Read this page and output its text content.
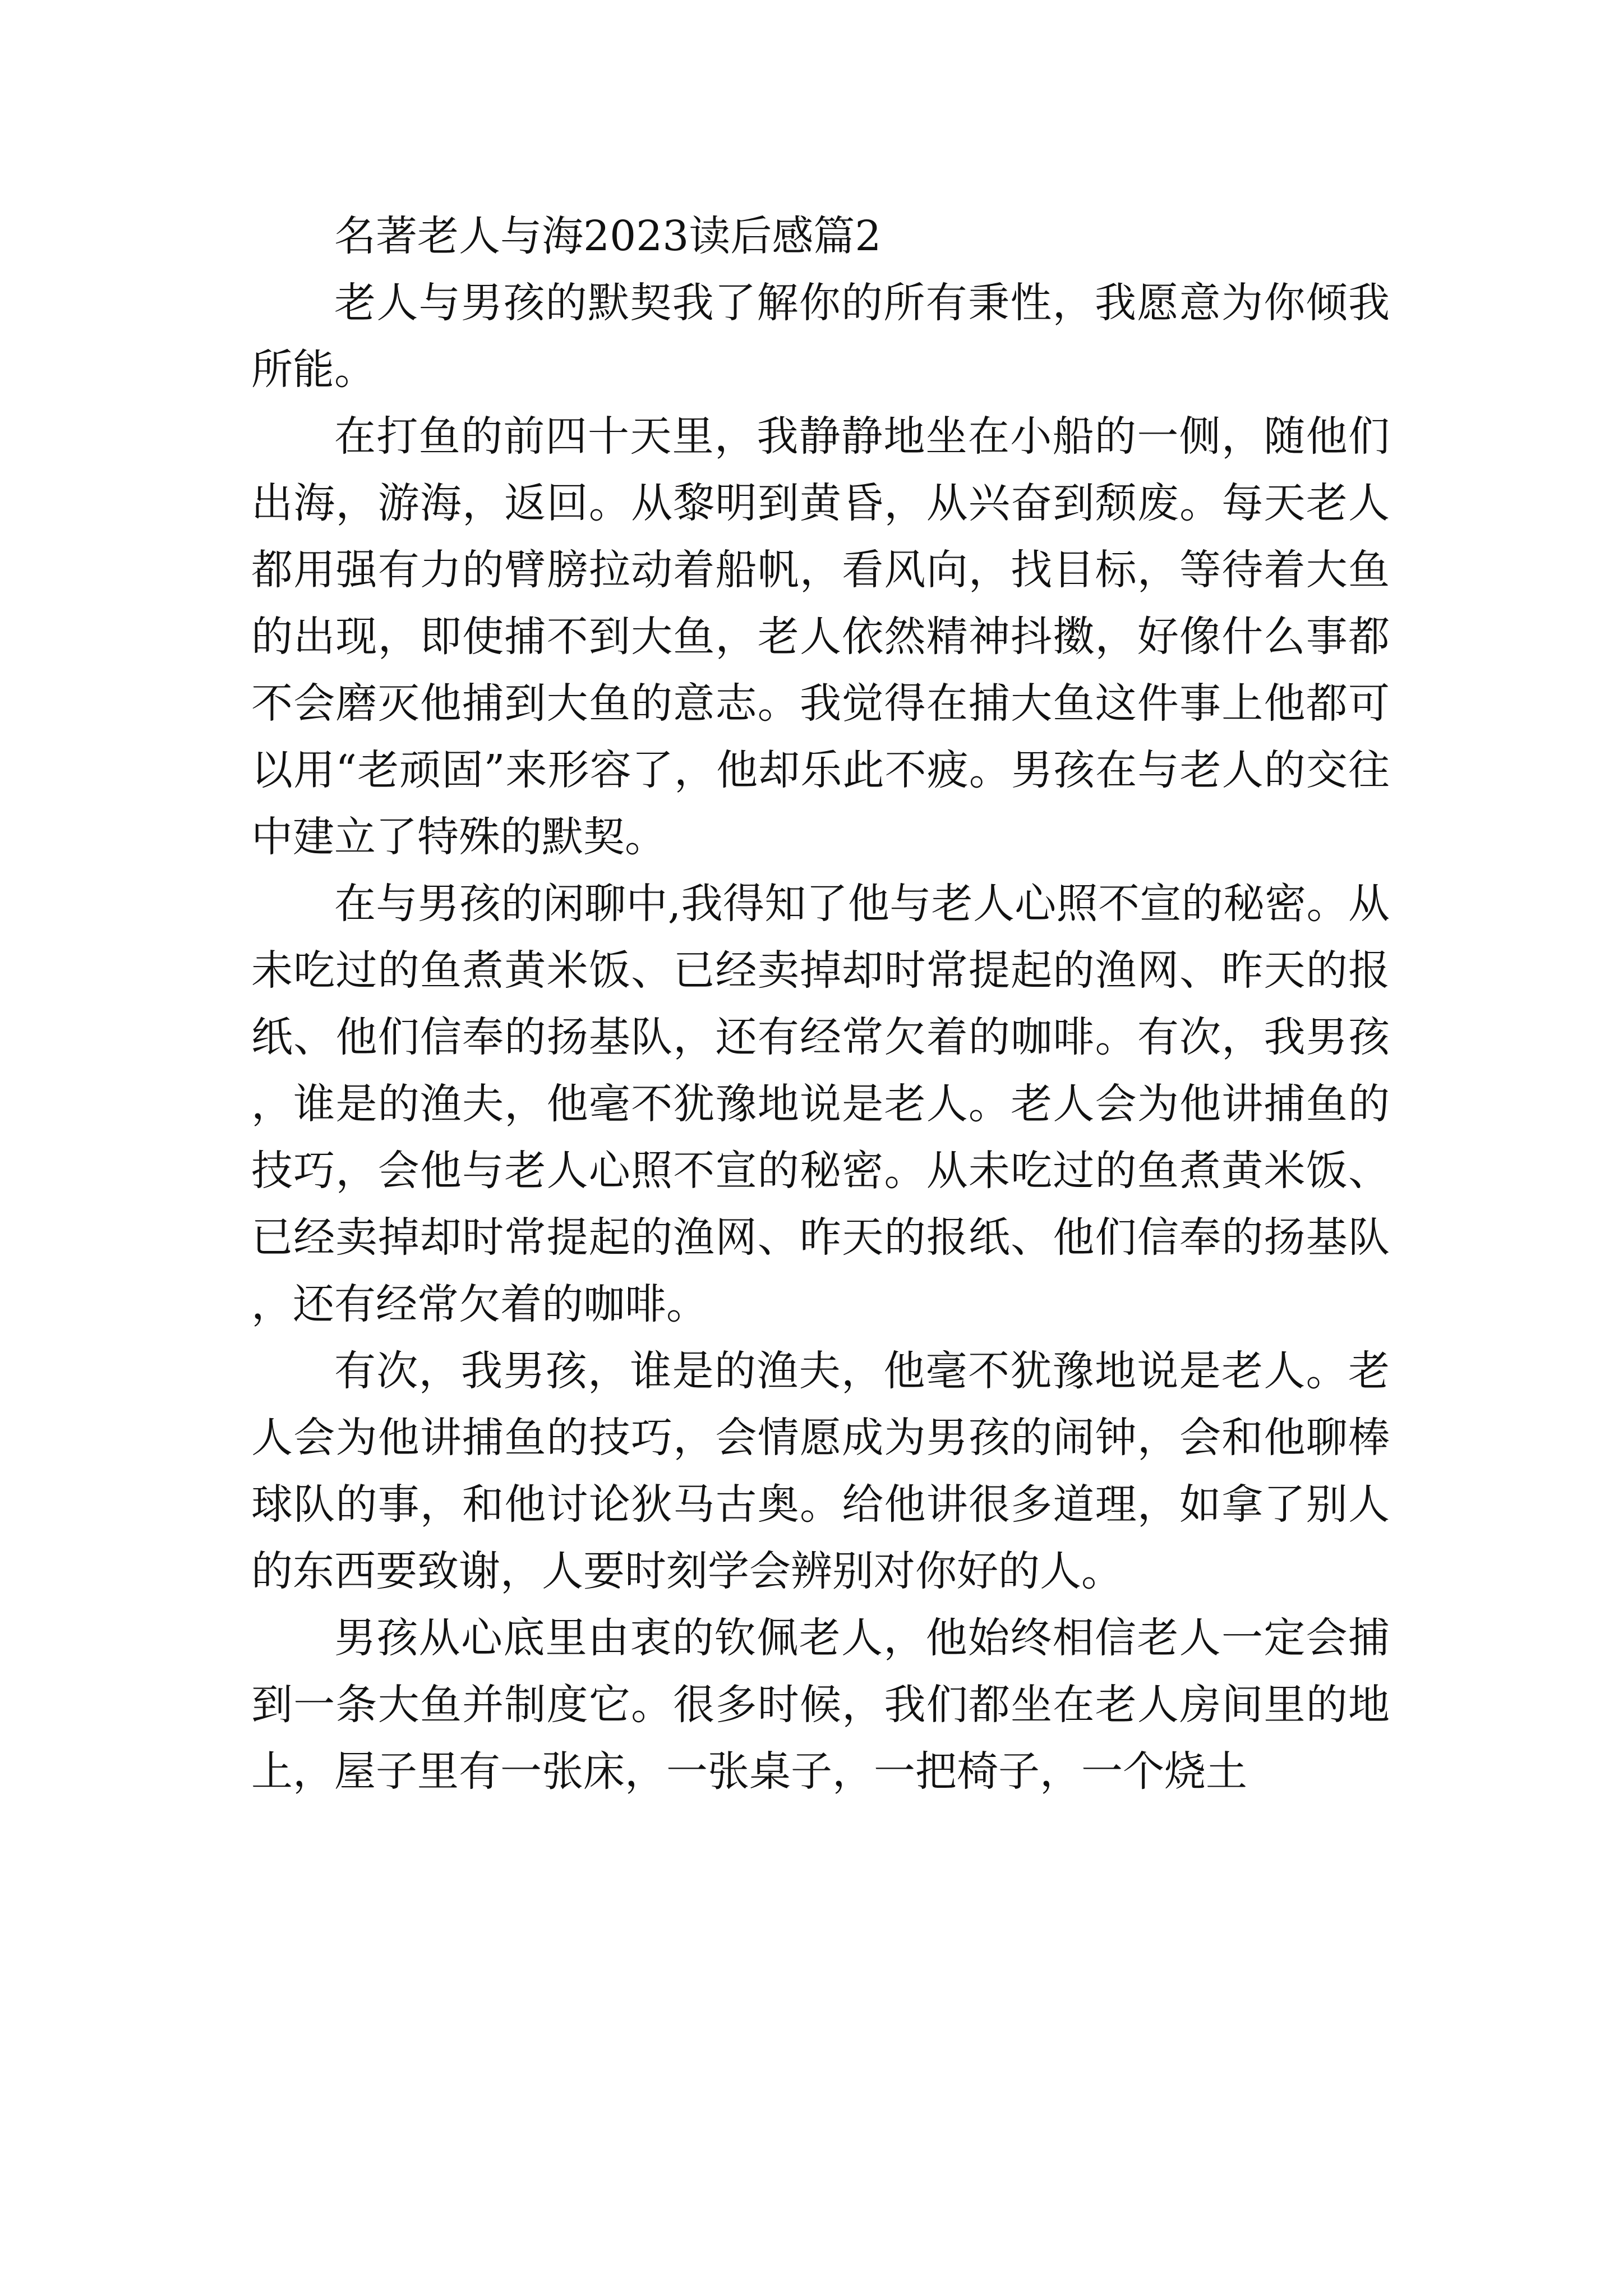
名著老人与海2023读后感篇2

老人与男孩的默契我了解你的所有秉性，我愿意为你倾我所能。

在打鱼的前四十天里，我静静地坐在小船的一侧，随他们出海，游海，返回。从黎明到黄昏，从兴奋到颓废。每天老人都用强有力的臂膀拉动着船帆，看风向，找目标，等待着大鱼的出现，即使捕不到大鱼，老人依然精神抖擞，好像什么事都不会磨灭他捕到大鱼的意志。我觉得在捕大鱼这件事上他都可以用“老顽固”来形容了，他却乐此不疲。男孩在与老人的交往中建立了特殊的默契。

在与男孩的闲聊中,我得知了他与老人心照不宣的秘密。从未吃过的鱼煮黄米饭、已经卖掉却时常提起的渔网、昨天的报纸、他们信奉的扬基队，还有经常欠着的咖啡。有次，我男孩，谁是的渔夫，他毫不犹豫地说是老人。老人会为他讲捕鱼的技巧，会他与老人心照不宣的秘密。从未吃过的鱼煮黄米饭、已经卖掉却时常提起的渔网、昨天的报纸、他们信奉的扬基队，还有经常欠着的咖啡。

有次，我男孩，谁是的渔夫，他毫不犹豫地说是老人。老人会为他讲捕鱼的技巧，会情愿成为男孩的闹钟，会和他聊棒球队的事，和他讨论狄马古奥。给他讲很多道理，如拿了别人的东西要致谢，人要时刻学会辨别对你好的人。

男孩从心底里由衷的钦佩老人，他始终相信老人一定会捕到一条大鱼并制度它。很多时候，我们都坐在老人房间里的地上，屋子里有一张床，一张桌子，一把椅子，一个烧土
